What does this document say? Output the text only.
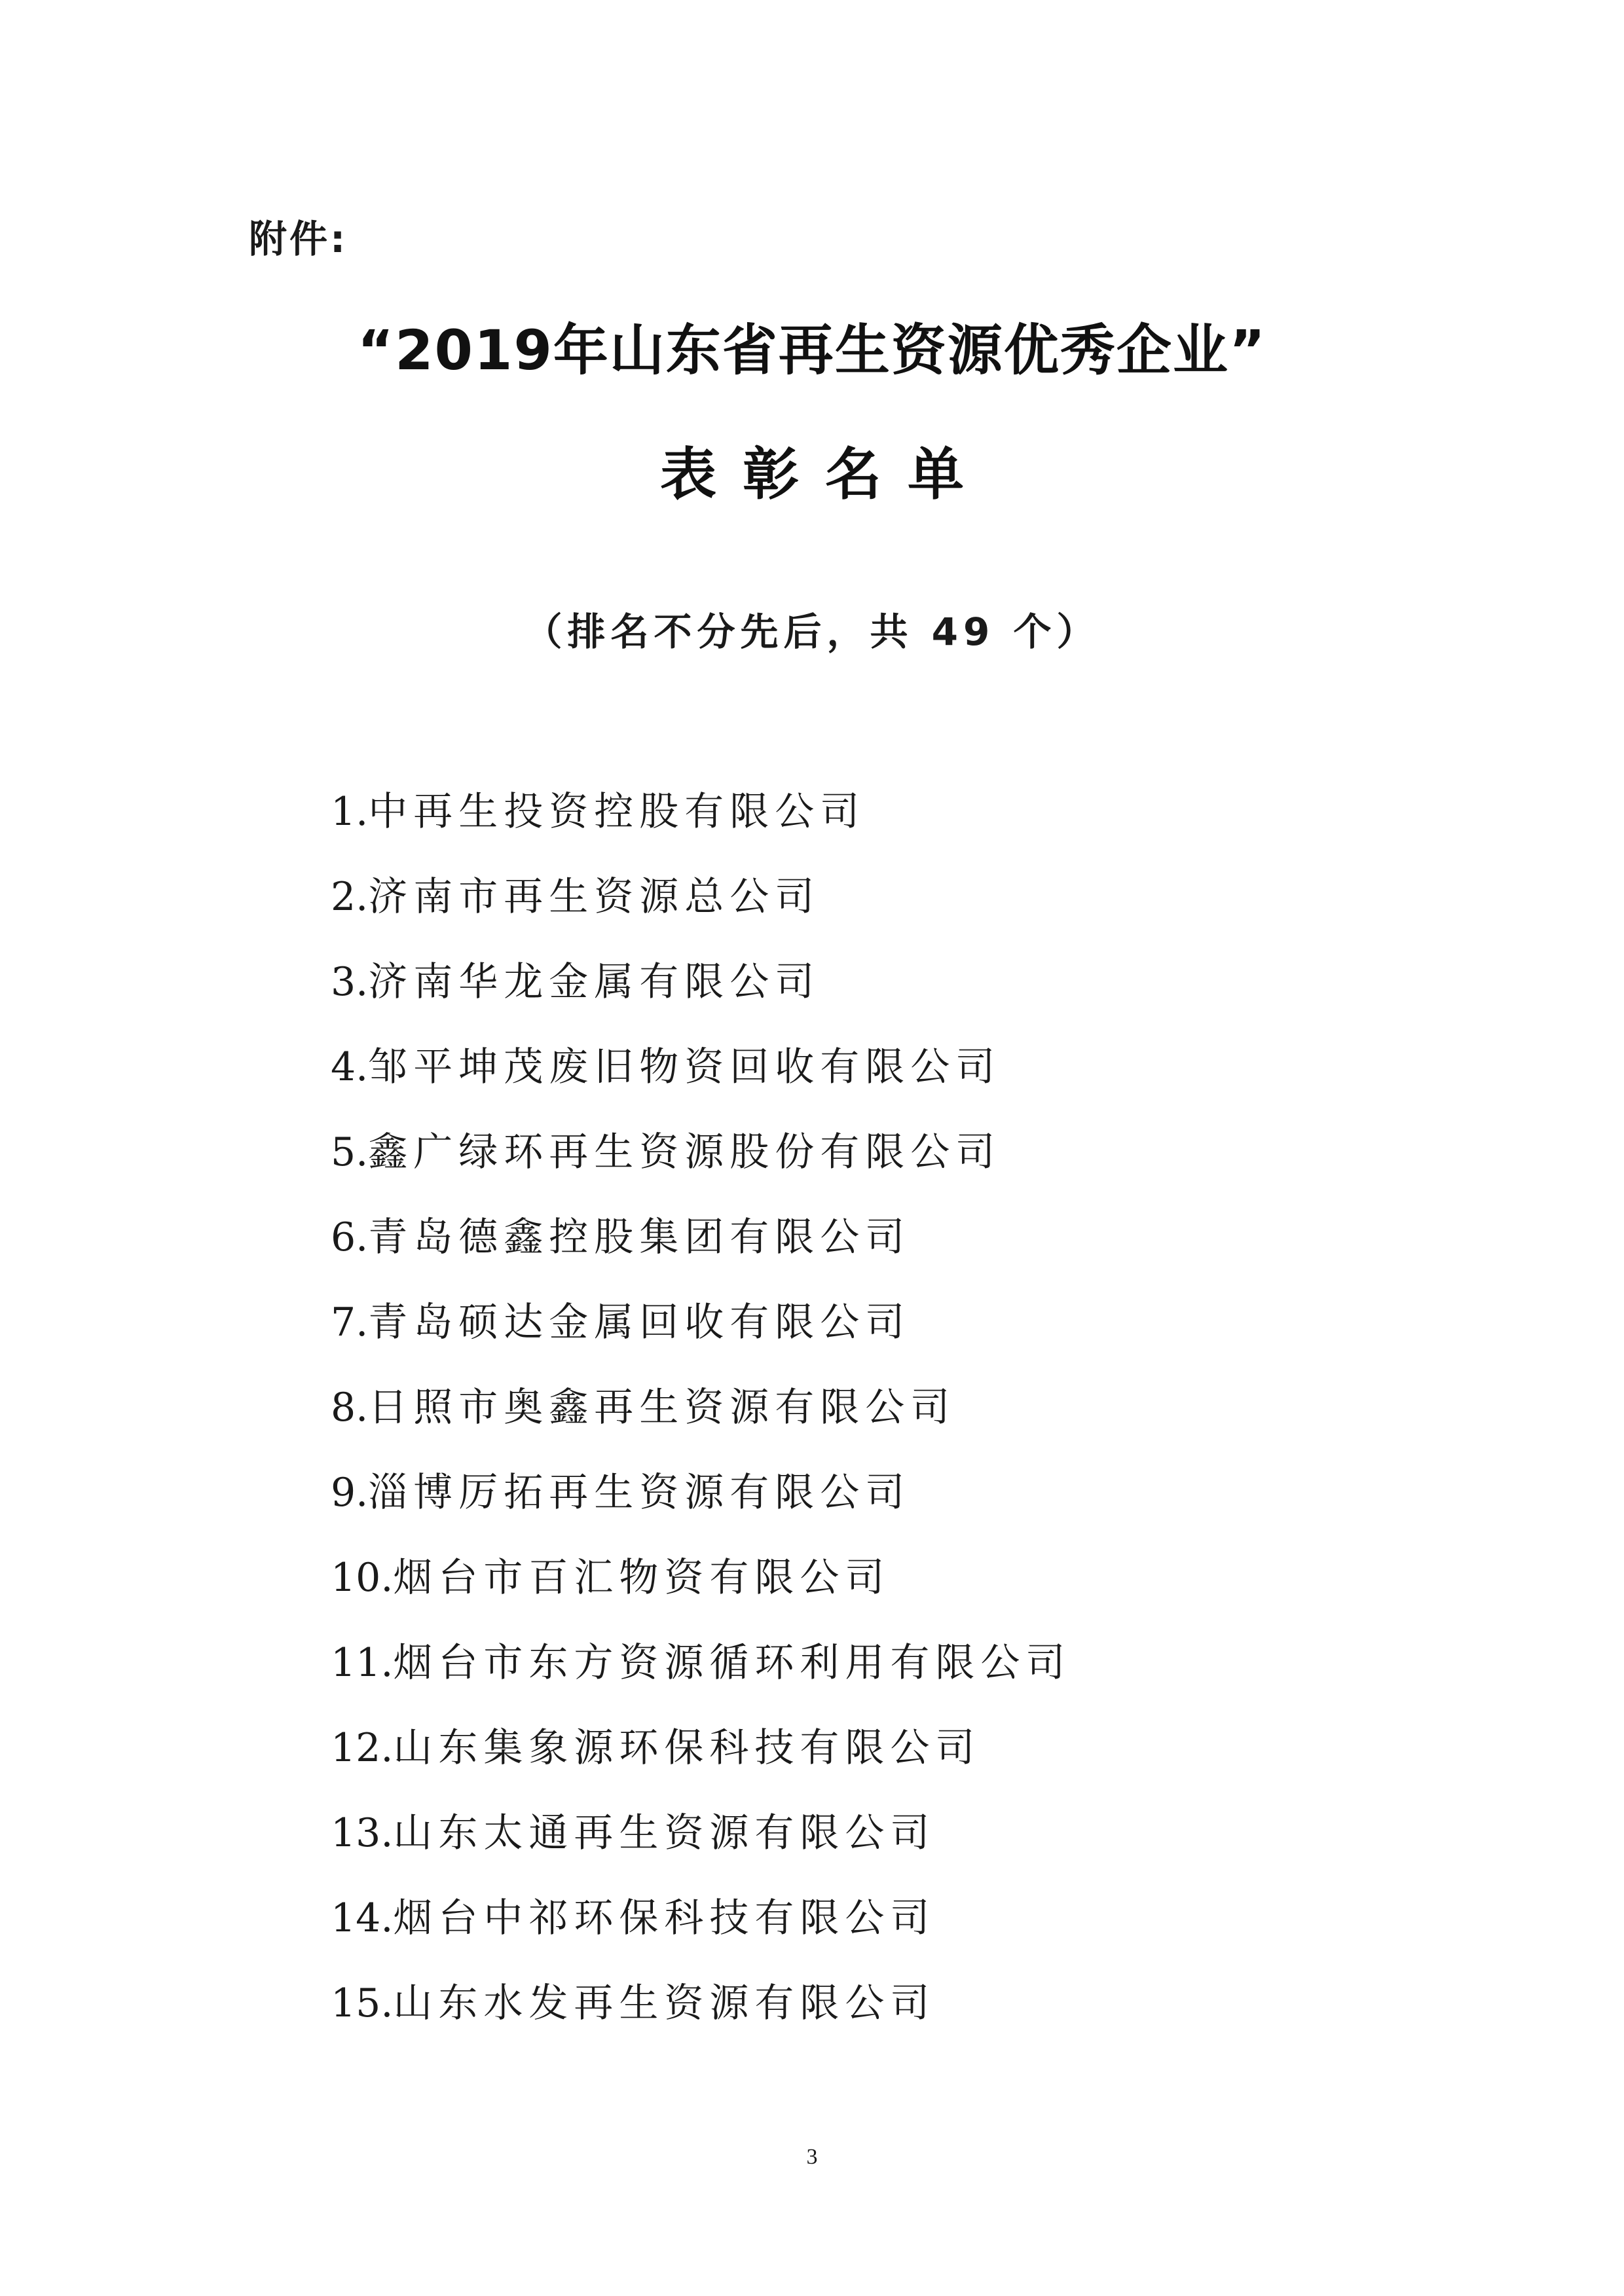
附件:
“2019年山东省再生资源优秀企业”
表彰名单
（排名不分先后，共 49 个）
1.中再生投资控股有限公司
2.济南市再生资源总公司
3.济南华龙金属有限公司
4.邹平坤茂废旧物资回收有限公司
5.鑫广绿环再生资源股份有限公司
6.青岛德鑫控股集团有限公司
7.青岛硕达金属回收有限公司
8.日照市奥鑫再生资源有限公司
9.淄博厉拓再生资源有限公司
10.烟台市百汇物资有限公司
11.烟台市东方资源循环利用有限公司
12.山东集象源环保科技有限公司
13.山东太通再生资源有限公司
14.烟台中祁环保科技有限公司
15.山东水发再生资源有限公司
3
